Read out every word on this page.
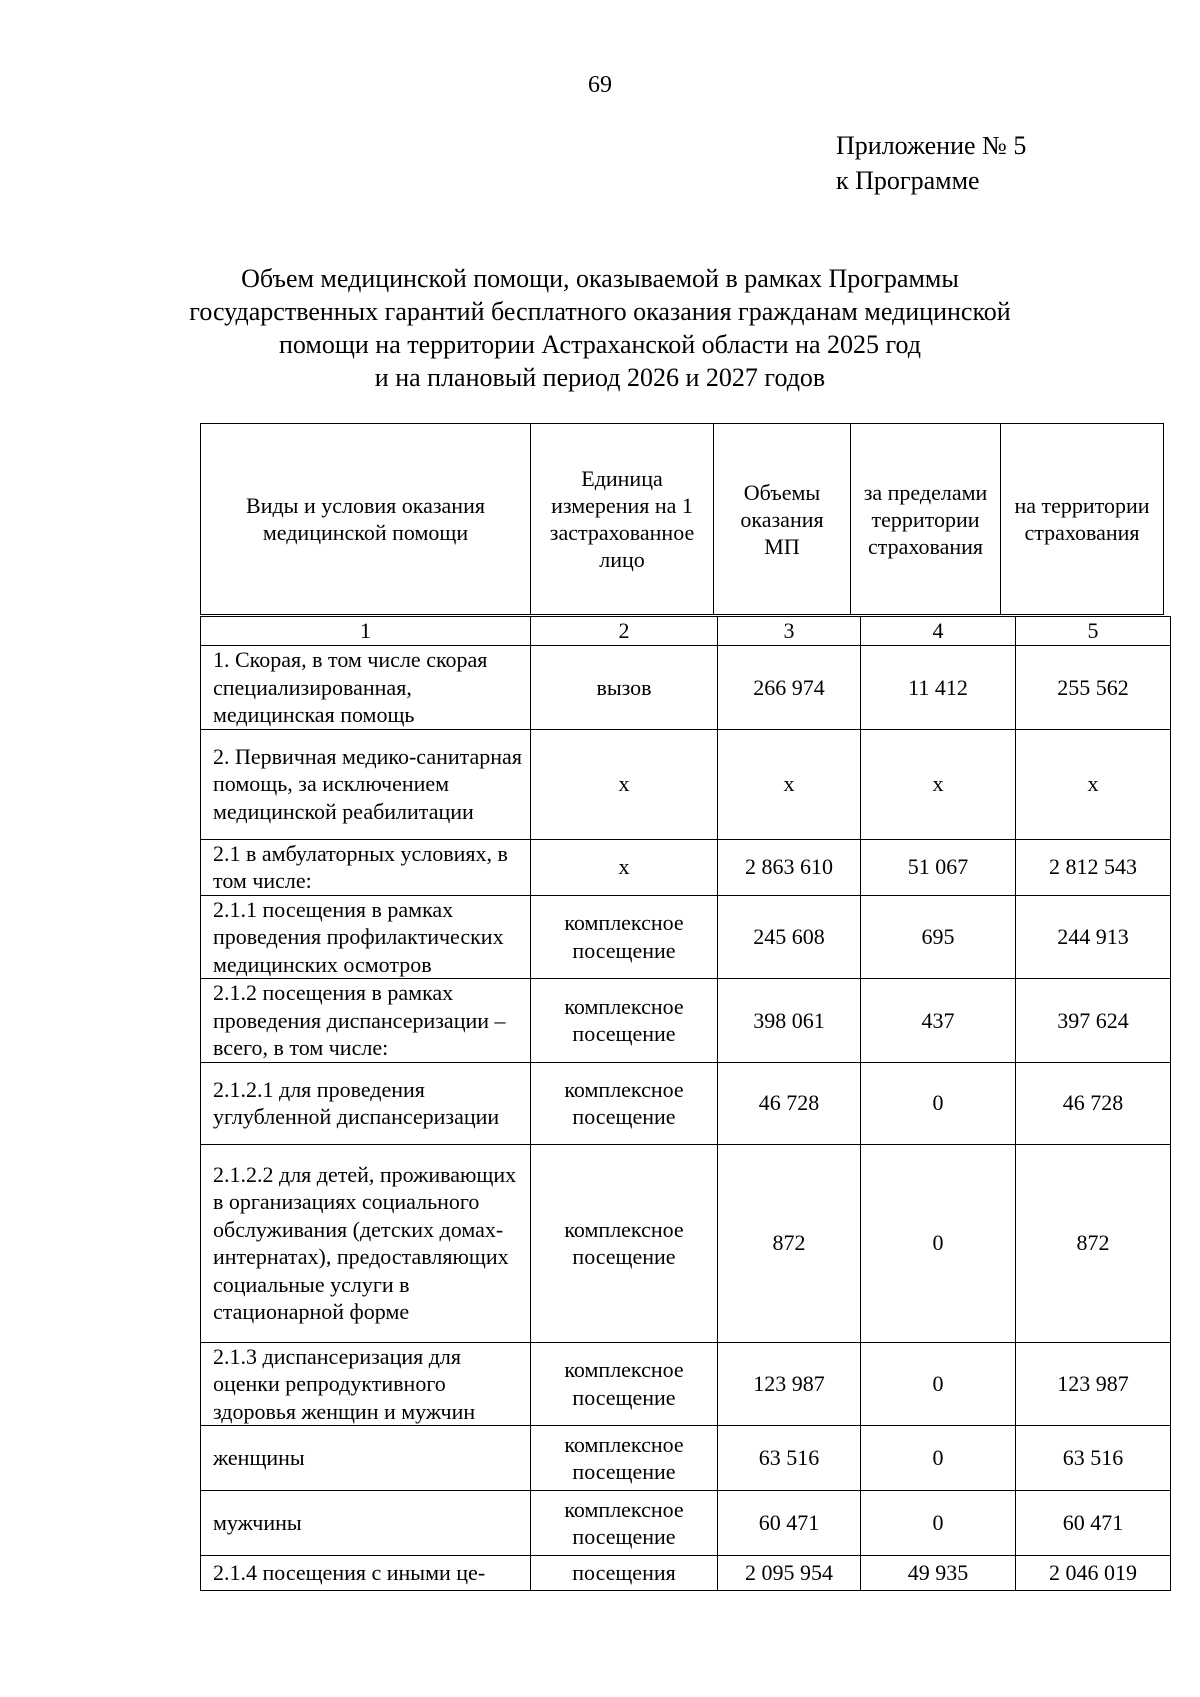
69
Приложение № 5
к Программе
Объем медицинской помощи, оказываемой в рамках Программы
государственных гарантий бесплатного оказания гражданам медицинской
помощи на территории Астраханской области на 2025 год
и на плановый период 2026 и 2027 годов
Виды и условия оказания медицинской помощи	Единица измерения на 1 застрахованное лицо	Объемы оказания МП	за пределами территории страхования	на территории страхования
1	2	3	4	5
1. Скорая, в том числе скорая специализированная, медицинская помощь	вызов	266 974	11 412	255 562
2. Первичная медико-санитарная помощь, за исключением медицинской реабилитации	x	x	x	x
2.1 в амбулаторных условиях, в том числе:	x	2 863 610	51 067	2 812 543
2.1.1 посещения в рамках проведения профилактических медицинских осмотров	комплексное посещение	245 608	695	244 913
2.1.2 посещения в рамках проведения диспансеризации – всего, в том числе:	комплексное посещение	398 061	437	397 624
2.1.2.1 для проведения углубленной диспансеризации	комплексное посещение	46 728	0	46 728
2.1.2.2 для детей, проживающих в организациях социального обслуживания (детских домах-интернатах), предоставляющих социальные услуги в стационарной форме	комплексное посещение	872	0	872
2.1.3 диспансеризация для оценки репродуктивного здоровья женщин и мужчин	комплексное посещение	123 987	0	123 987
женщины	комплексное посещение	63 516	0	63 516
мужчины	комплексное посещение	60 471	0	60 471
2.1.4 посещения с иными це-	посещения	2 095 954	49 935	2 046 019
